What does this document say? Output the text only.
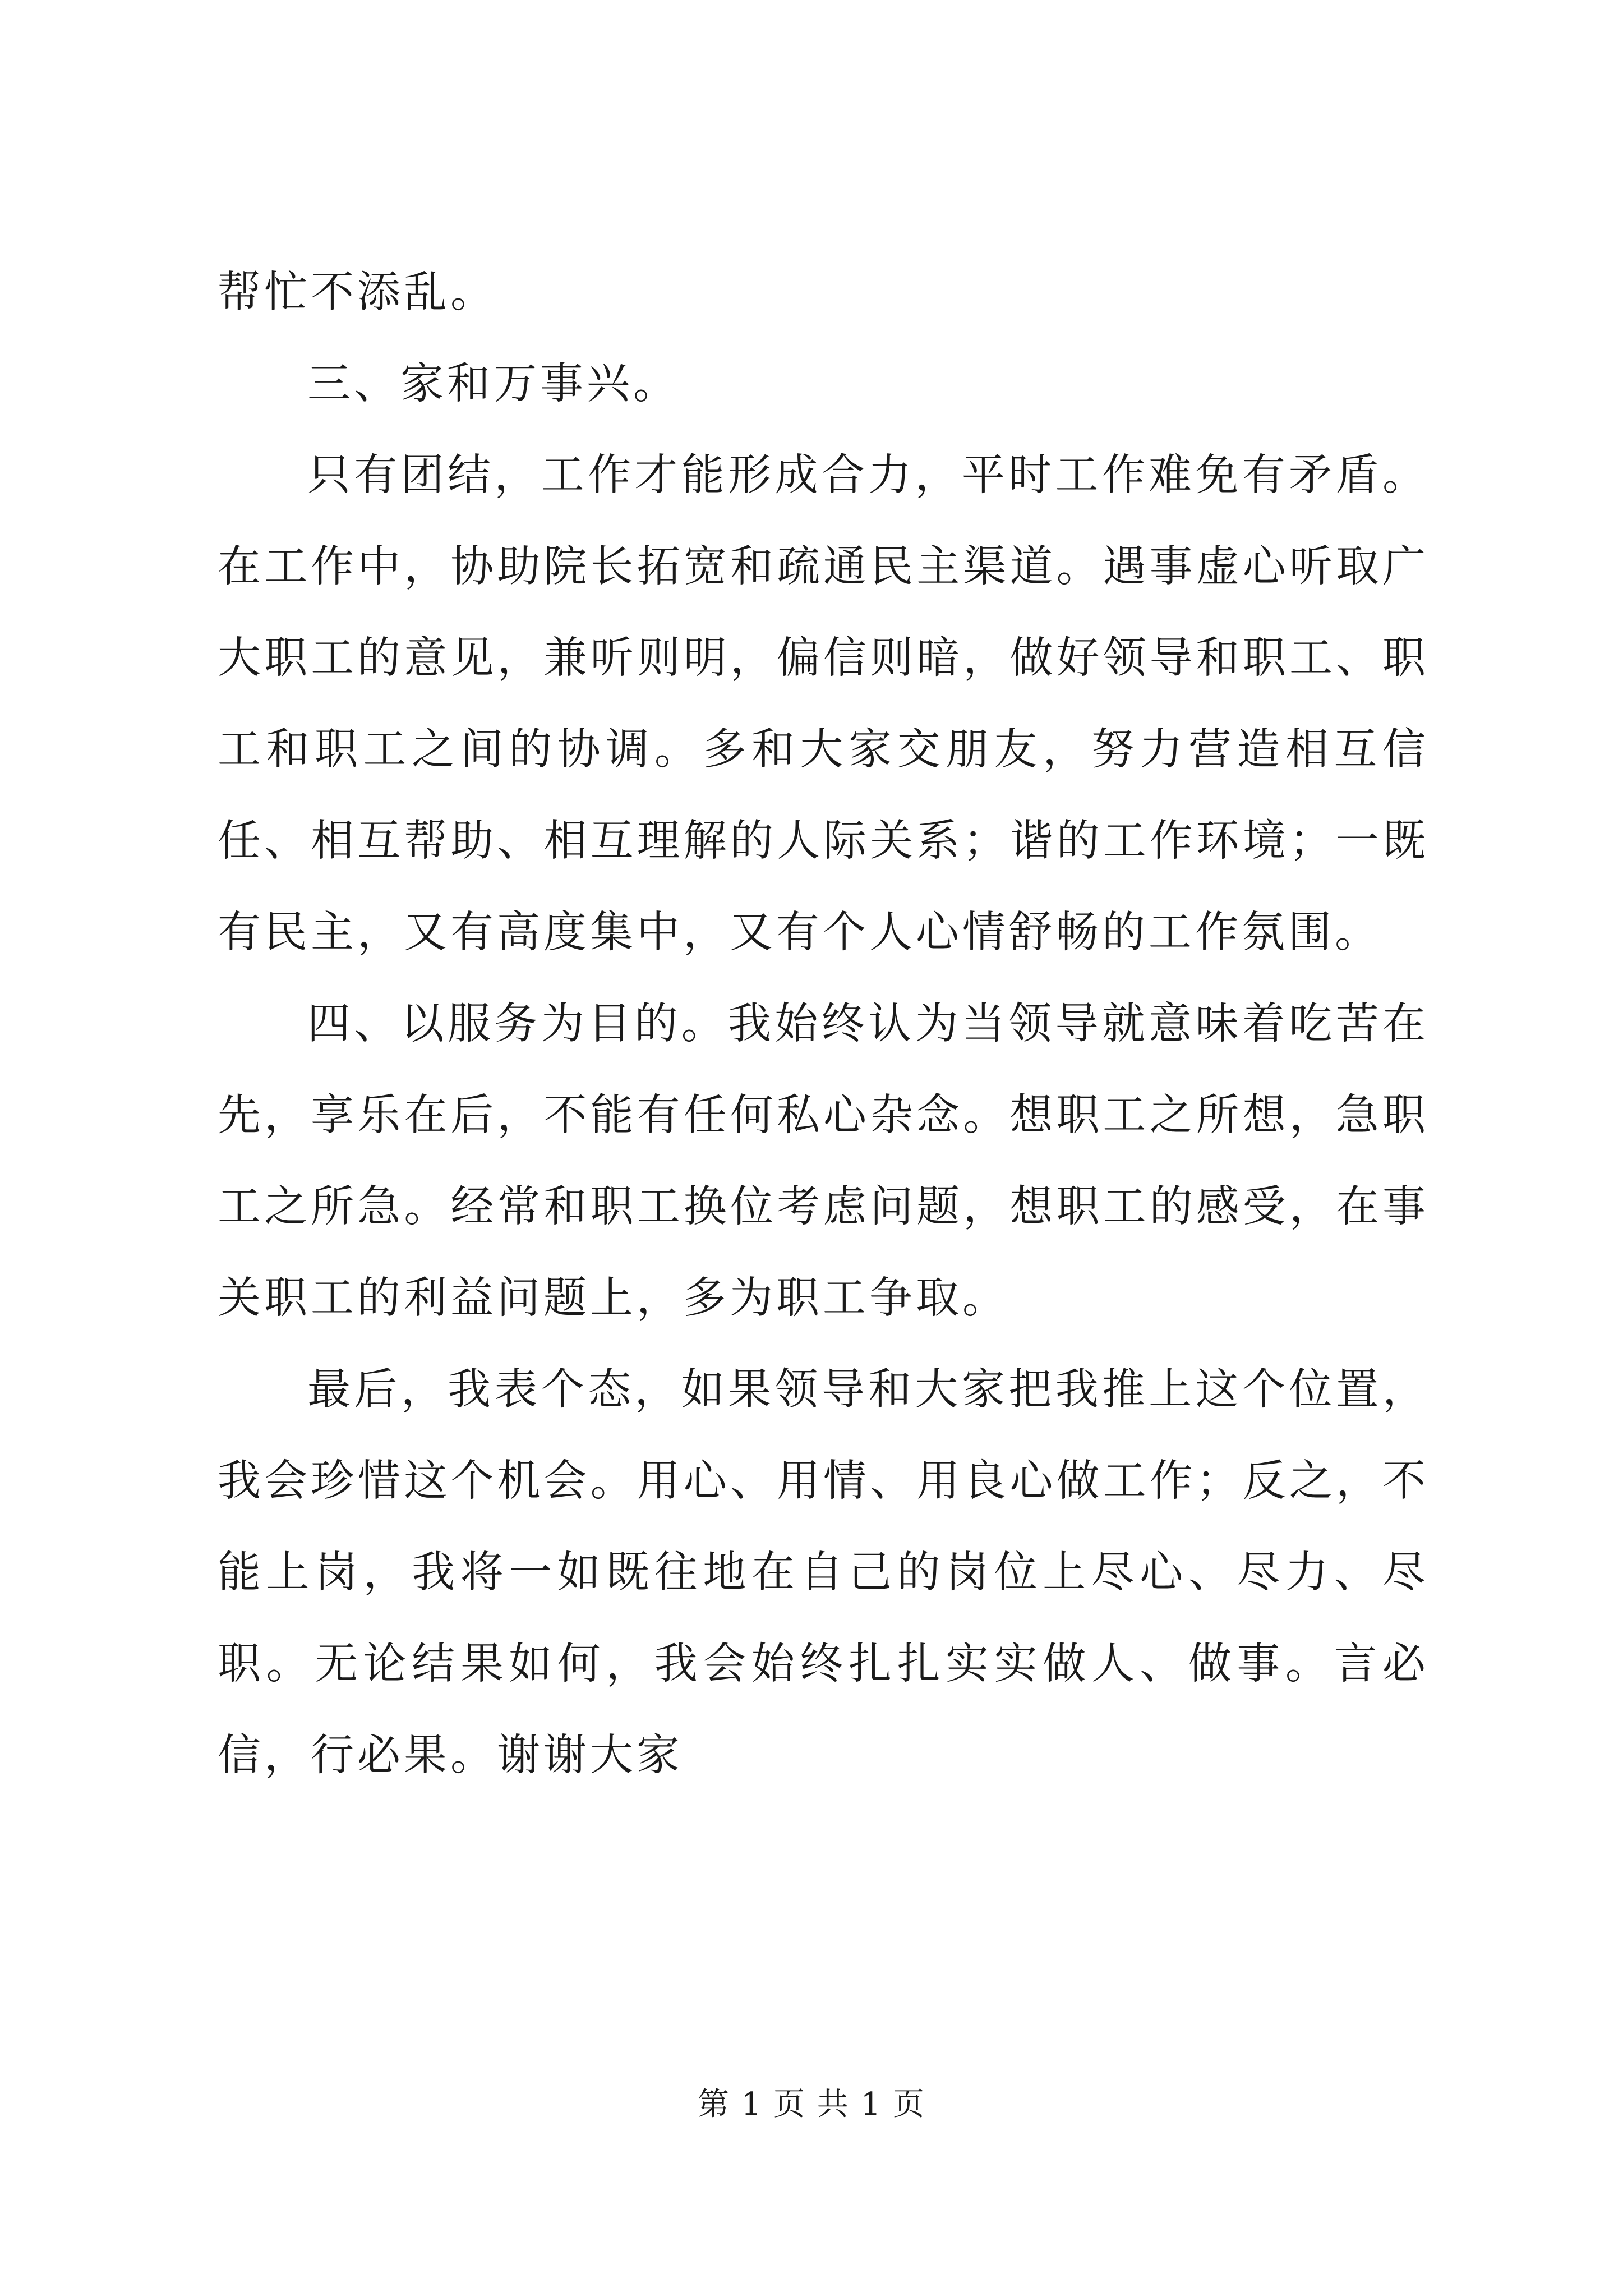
帮忙不添乱。

三、家和万事兴。

只有团结，工作才能形成合力，平时工作难免有矛盾。在工作中，协助院长拓宽和疏通民主渠道。遇事虚心听取广大职工的意见，兼听则明，偏信则暗，做好领导和职工、职工和职工之间的协调。多和大家交朋友，努力营造相互信任、相互帮助、相互理解的人际关系；谐的工作环境；一既有民主，又有高度集中，又有个人心情舒畅的工作氛围。

四、以服务为目的。我始终认为当领导就意味着吃苦在先，享乐在后，不能有任何私心杂念。想职工之所想，急职工之所急。经常和职工换位考虑问题，想职工的感受，在事关职工的利益问题上，多为职工争取。

最后，我表个态，如果领导和大家把我推上这个位置，我会珍惜这个机会。用心、用情、用良心做工作；反之，不能上岗，我将一如既往地在自己的岗位上尽心、尽力、尽职。无论结果如何，我会始终扎扎实实做人、做事。言必信，行必果。谢谢大家

第 1 页 共 1 页
